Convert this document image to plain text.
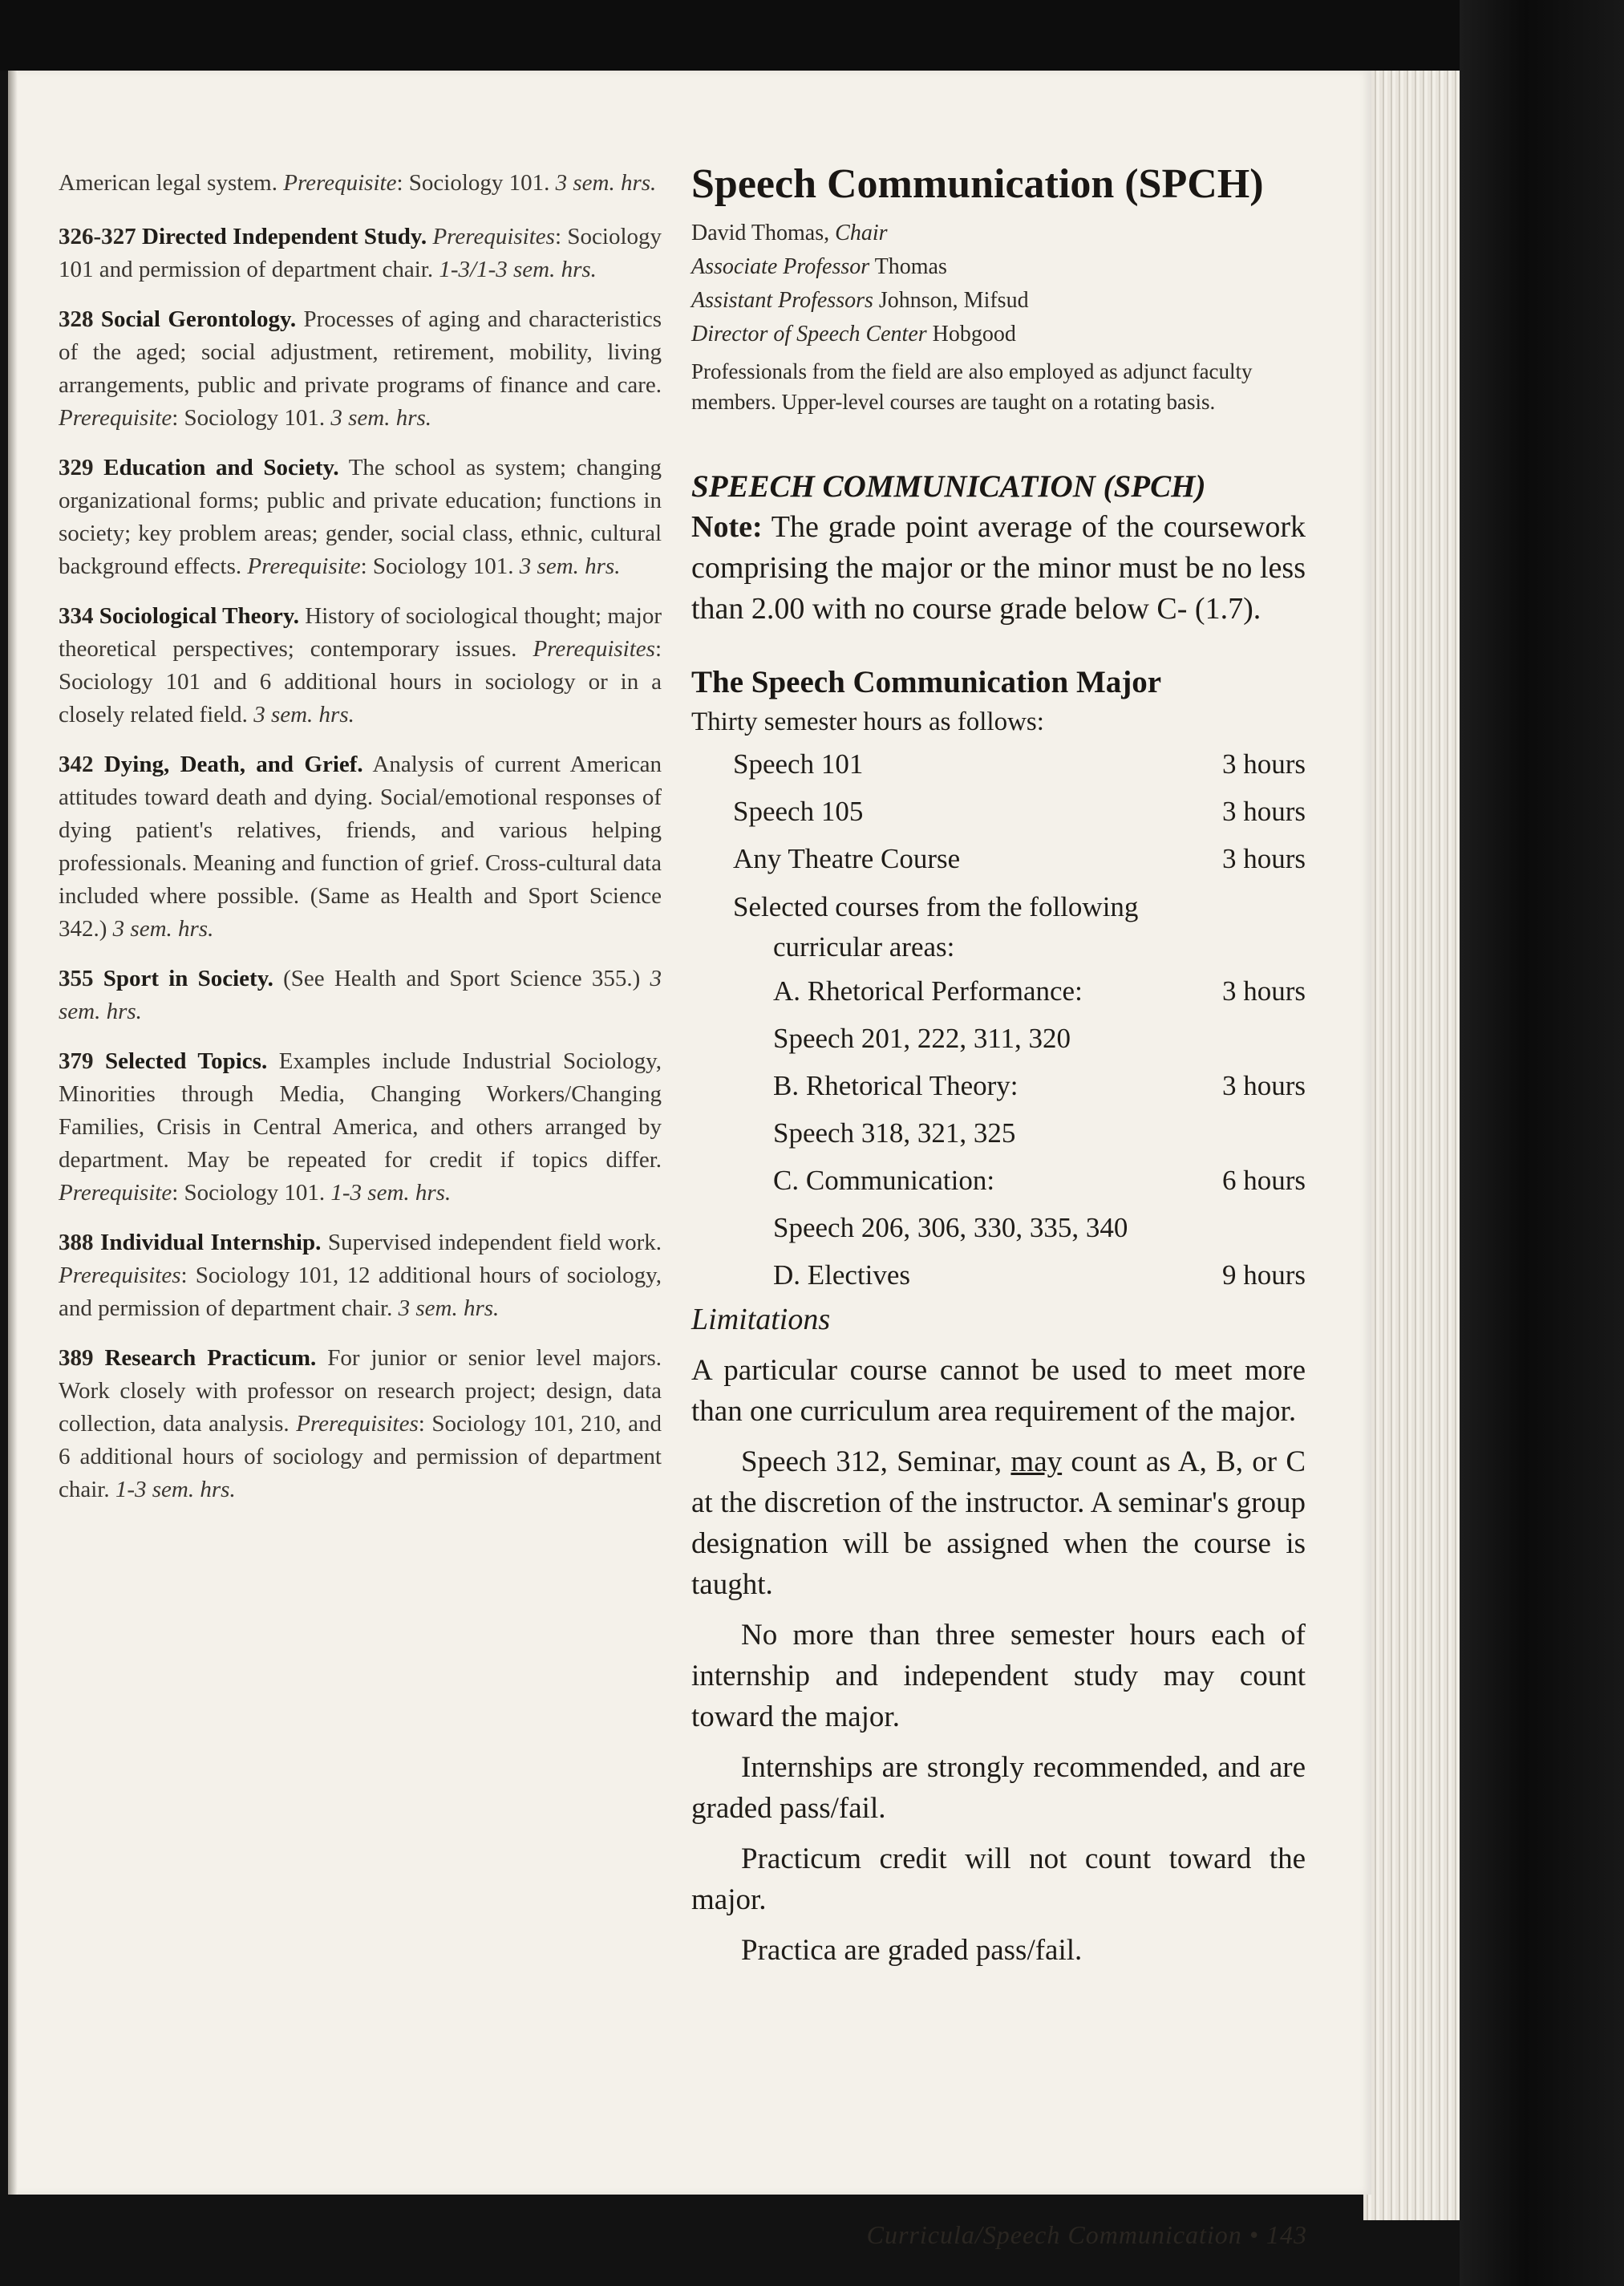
American legal system. Prerequisite: Sociology 101. 3 sem. hrs.

326-327 Directed Independent Study. Prerequisites: Sociology 101 and permission of department chair. 1-3/1-3 sem. hrs.

328 Social Gerontology. Processes of aging and characteristics of the aged; social adjustment, retirement, mobility, living arrangements, public and private programs of finance and care. Prerequisite: Sociology 101. 3 sem. hrs.

329 Education and Society. The school as system; changing organizational forms; public and private education; functions in society; key problem areas; gender, social class, ethnic, cultural background effects. Prerequisite: Sociology 101. 3 sem. hrs.

334 Sociological Theory. History of sociological thought; major theoretical perspectives; contemporary issues. Prerequisites: Sociology 101 and 6 additional hours in sociology or in a closely related field. 3 sem. hrs.

342 Dying, Death, and Grief. Analysis of current American attitudes toward death and dying. Social/emotional responses of dying patient's relatives, friends, and various helping professionals. Meaning and function of grief. Cross-cultural data included where possible. (Same as Health and Sport Science 342.) 3 sem. hrs.

355 Sport in Society. (See Health and Sport Science 355.) 3 sem. hrs.

379 Selected Topics. Examples include Industrial Sociology, Minorities through Media, Changing Workers/Changing Families, Crisis in Central America, and others arranged by department. May be repeated for credit if topics differ. Prerequisite: Sociology 101. 1-3 sem. hrs.

388 Individual Internship. Supervised independent field work. Prerequisites: Sociology 101, 12 additional hours of sociology, and permission of department chair. 3 sem. hrs.

389 Research Practicum. For junior or senior level majors. Work closely with professor on research project; design, data collection, data analysis. Prerequisites: Sociology 101, 210, and 6 additional hours of sociology and permission of department chair. 1-3 sem. hrs.

Speech Communication (SPCH)

David Thomas, Chair

Associate Professor Thomas

Assistant Professors Johnson, Mifsud

Director of Speech Center Hobgood

Professionals from the field are also employed as adjunct faculty members. Upper-level courses are taught on a rotating basis.

SPEECH COMMUNICATION (SPCH)

Note: The grade point average of the coursework comprising the major or the minor must be no less than 2.00 with no course grade below C- (1.7).

The Speech Communication Major

Thirty semester hours as follows:

Speech 101	3 hours
Speech 105	3 hours
Any Theatre Course	3 hours
Selected courses from the following
curricular areas:
A. Rhetorical Performance:	3 hours
Speech 201, 222, 311, 320
B. Rhetorical Theory:	3 hours
Speech 318, 321, 325
C. Communication:	6 hours
Speech 206, 306, 330, 335, 340
D. Electives	9 hours

Limitations

A particular course cannot be used to meet more than one curriculum area requirement of the major.

Speech 312, Seminar, may count as A, B, or C at the discretion of the instructor. A seminar's group designation will be assigned when the course is taught.

No more than three semester hours each of internship and independent study may count toward the major.

Internships are strongly recommended, and are graded pass/fail.

Practicum credit will not count toward the major.

Practica are graded pass/fail.

Curricula/Speech Communication • 143
